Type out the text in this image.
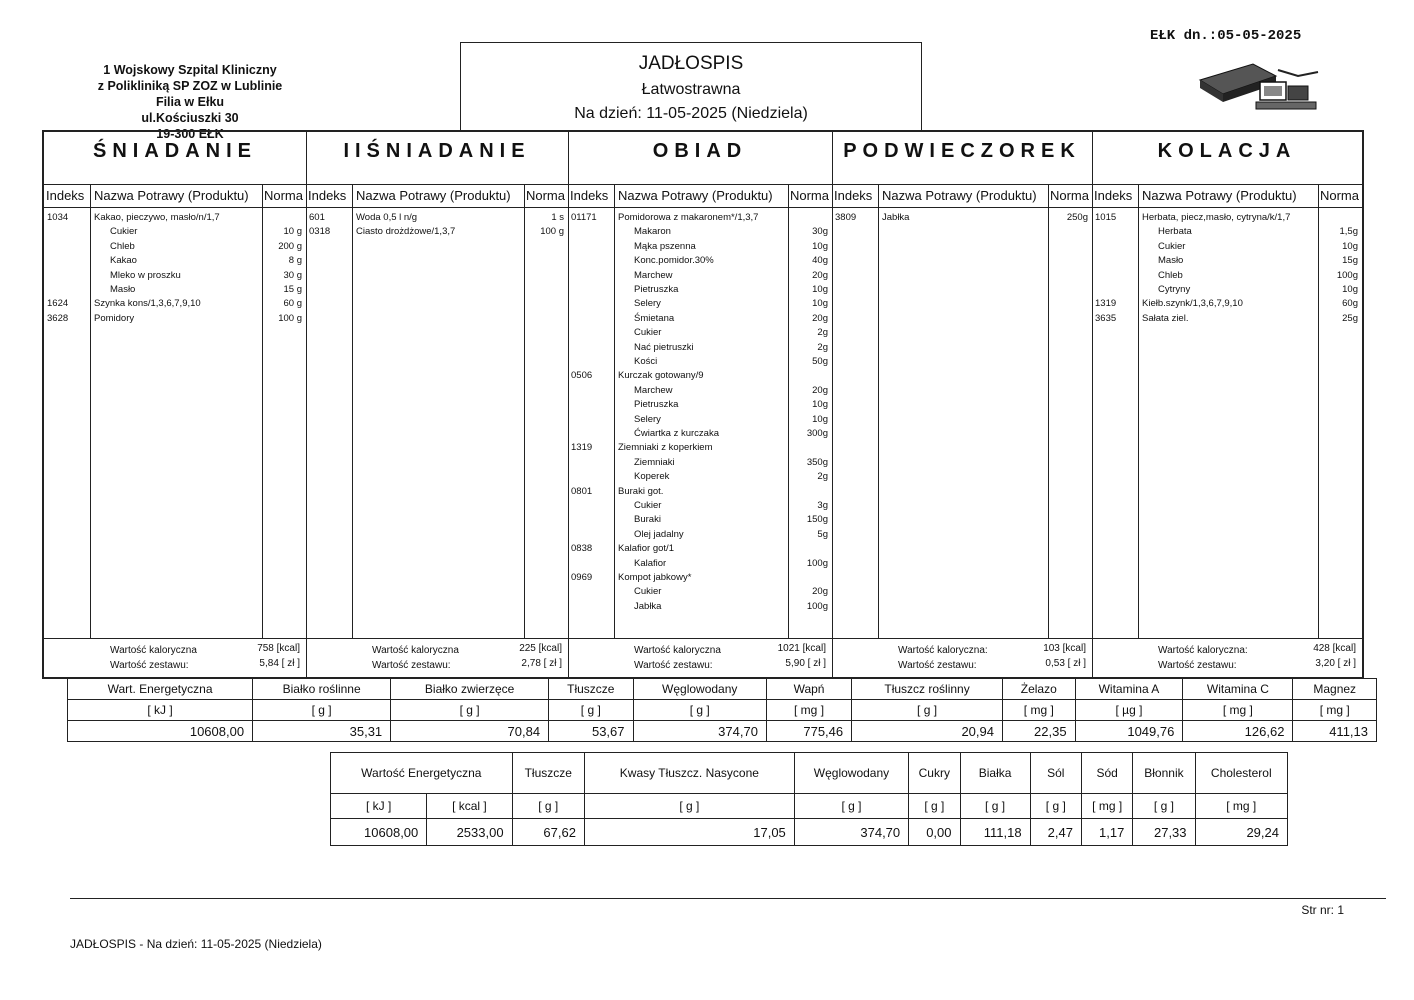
1 Wojskowy Szpital Kliniczny
z Polikliniką SP ZOZ w Lublinie
Filia w Ełku
ul.Kościuszki 30
19-300 EŁK
JADŁOSPIS
Łatwostrawna
Na dzień: 11-05-2025 (Niedziela)
EŁK dn.:05-05-2025
ŚNIADANIE
Indeks Nazwa Potrawy (Produktu) Norma
1034	Kakao, pieczywo, masło/n/1,7
Cukier	10 g
Chleb	200 g
Kakao	8 g
Mleko w proszku	30 g
Masło	15 g
1624	Szynka kons/1,3,6,7,9,10	60 g
3628	Pomidory	100 g
Wartość kaloryczna	758 [kcal]
Wartość zestawu:	5,84 [ zł ]
IIŚNIADANIE
Indeks Nazwa Potrawy (Produktu) Norma
601	Woda 0,5 l n/g	1 s
0318	Ciasto drożdżowe/1,3,7	100 g
Wartość kaloryczna	225 [kcal]
Wartość zestawu:	2,78 [ zł ]
OBIAD
Indeks Nazwa Potrawy (Produktu) Norma
01171 Pomidorowa z makaronem*/1,3,7
Makaron	30g
Mąka pszenna	10g
Konc.pomidor.30%	40g
Marchew	20g
Pietruszka	10g
Selery	10g
Śmietana	20g
Cukier	2g
Nać pietruszki	2g
Kości	50g
0506	Kurczak gotowany/9
Marchew	20g
Pietruszka	10g
Selery	10g
Ćwiartka z kurczaka	300g
1319	Ziemniaki z koperkiem
Ziemniaki	350g
Koperek	2g
0801	Buraki got.
Cukier	3g
Buraki	150g
Olej jadalny	5g
0838	Kalafior got/1
Kalafior	100g
0969	Kompot jabkowy*
Cukier	20g
Jabłka	100g
Wartość kaloryczna	1021 [kcal]
Wartość zestawu:	5,90 [ zł ]
PODWIECZOREK
Indeks Nazwa Potrawy (Produktu) Norma
3809	Jabłka	250g
Wartość kaloryczna:	103 [kcal]
Wartość zestawu:	0,53 [ zł ]
KOLACJA
Indeks Nazwa Potrawy (Produktu) Norma
1015	Herbata, piecz,masło, cytryna/k/1,7
Herbata	1,5g
Cukier	10g
Masło	15g
Chleb	100g
Cytryny	10g
1319	Kiełb.szynk/1,3,6,7,9,10	60g
3635	Sałata ziel.	25g
Wartość kaloryczna:	428 [kcal]
Wartość zestawu:	3,20 [ zł ]
Wart. Energetyczna	Białko roślinne	Białko zwierzęce	Tłuszcze	Węglowodany	Wapń	Tłuszcz roślinny	Żelazo	Witamina A	Witamina C	Magnez
[ kJ ]	[ g ]	[ g ]	[ g ]	[ g ]	[ mg ]	[ g ]	[ mg ]	[ µg ]	[ mg ]	[ mg ]
10608,00	35,31	70,84	53,67	374,70	775,46	20,94	22,35	1049,76	126,62	411,13
Wartość Energetyczna		Tłuszcze	Kwasy Tłuszcz. Nasycone	Węglowodany	Cukry	Białka	Sól	Sód	Błonnik	Cholesterol
[ kJ ]	[ kcal ]	[ g ]	[ g ]	[ g ]	[ g ]	[ g ]	[ g ]	[ mg ]	[ g ]	[ mg ]
10608,00	2533,00	67,62	17,05	374,70	0,00	111,18	2,47	1,17	27,33	29,24
Str nr: 1
JADŁOSPIS - Na dzień: 11-05-2025 (Niedziela)
